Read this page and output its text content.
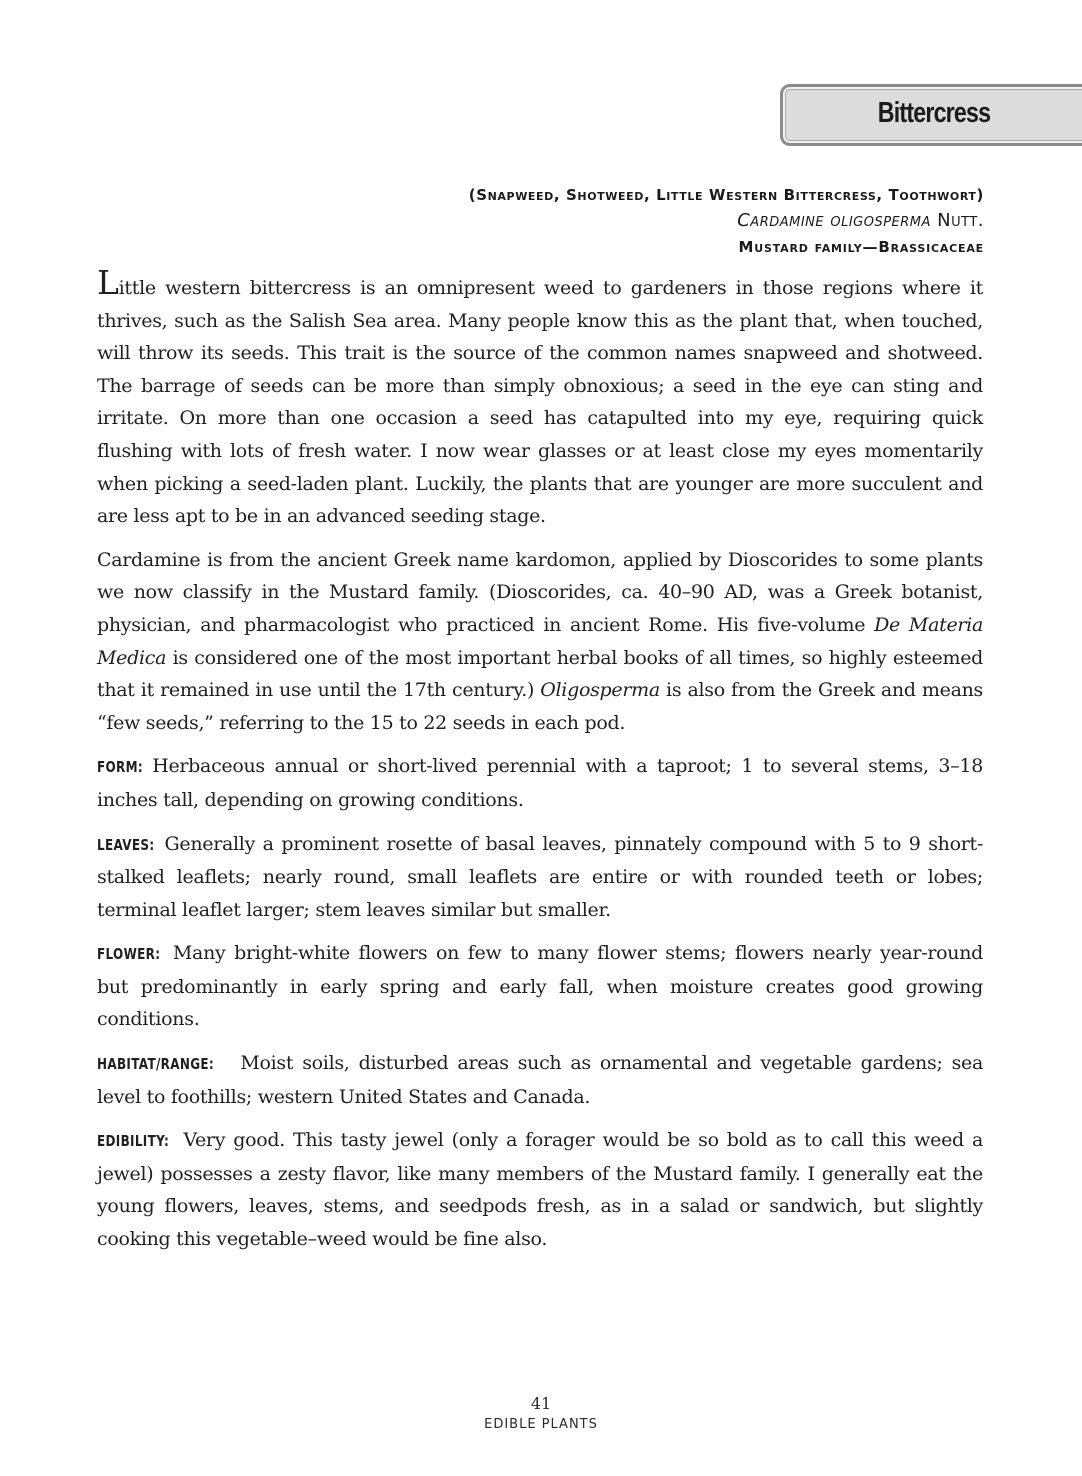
Bittercress
(Snapweed, Shotweed, Little Western Bittercress, Toothwort)
Cardamine oligosperma Nutt.
Mustard family—Brassicaceae

Little western bittercress is an omnipresent weed to gardeners in those regions where it thrives, such as the Salish Sea area. Many people know this as the plant that, when touched, will throw its seeds. This trait is the source of the common names snapweed and shotweed. The barrage of seeds can be more than simply obnoxious; a seed in the eye can sting and irritate. On more than one occasion a seed has catapulted into my eye, requiring quick flushing with lots of fresh water. I now wear glasses or at least close my eyes momentarily when picking a seed-laden plant. Luckily, the plants that are younger are more succulent and are less apt to be in an advanced seeding stage.

Cardamine is from the ancient Greek name kardomon, applied by Dioscorides to some plants we now classify in the Mustard family. (Dioscorides, ca. 40–90 AD, was a Greek botanist, physician, and pharmacologist who practiced in ancient Rome. His five-volume De Materia Medica is considered one of the most important herbal books of all times, so highly esteemed that it remained in use until the 17th century.) Oligosperma is also from the Greek and means “few seeds,” referring to the 15 to 22 seeds in each pod.

FORM: Herbaceous annual or short-lived perennial with a taproot; 1 to several stems, 3–18 inches tall, depending on growing conditions.

LEAVES: Generally a prominent rosette of basal leaves, pinnately compound with 5 to 9 short-stalked leaflets; nearly round, small leaflets are entire or with rounded teeth or lobes; terminal leaflet larger; stem leaves similar but smaller.

FLOWER: Many bright-white flowers on few to many flower stems; flowers nearly year-round but predominantly in early spring and early fall, when moisture creates good growing conditions.

HABITAT/RANGE: Moist soils, disturbed areas such as ornamental and vegetable gardens; sea level to foothills; western United States and Canada.

EDIBILITY: Very good. This tasty jewel (only a forager would be so bold as to call this weed a jewel) possesses a zesty flavor, like many members of the Mustard family. I generally eat the young flowers, leaves, stems, and seedpods fresh, as in a salad or sandwich, but slightly cooking this vegetable–weed would be fine also.

41
EDIBLE PLANTS
